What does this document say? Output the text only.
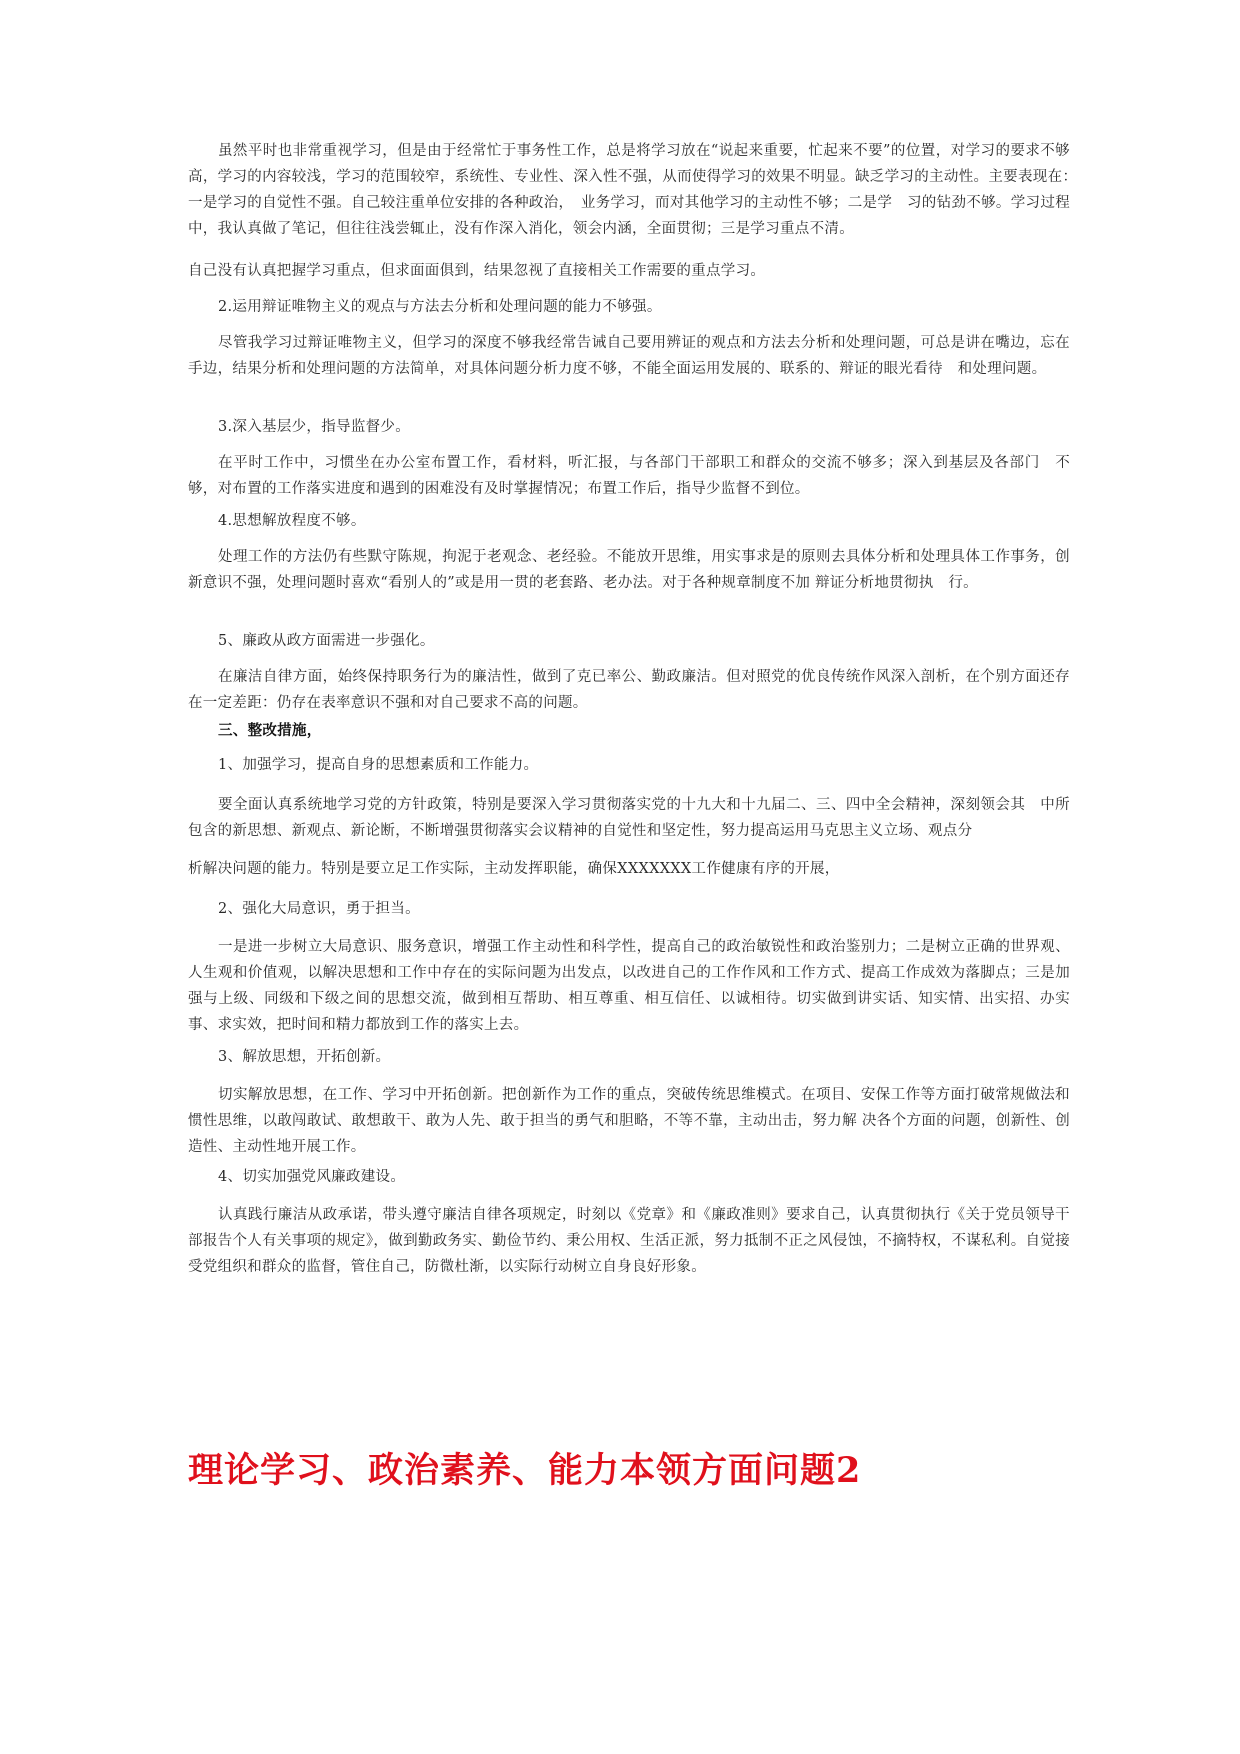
虽然平时也非常重视学习，但是由于经常忙于事务性工作，总是将学习放在“说起来重要，忙起来不要”的位置，对学习的要求不够高，学习的内容较浅，学习的范围较窄，系统性、专业性、深入性不强，从而使得学习的效果不明显。缺乏学习的主动性。主要表现在：　一是学习的自觉性不强。自己较注重单位安排的各种政治，　业务学习，而对其他学习的主动性不够；二是学　习的钻劲不够。学习过程中，我认真做了笔记，但往往浅尝辄止，没有作深入消化，领会内涵，全面贯彻；三是学习重点不清。

自己没有认真把握学习重点，但求面面俱到，结果忽视了直接相关工作需要的重点学习。

2.运用辩证唯物主义的观点与方法去分析和处理问题的能力不够强。

尽管我学习过辩证唯物主义，但学习的深度不够我经常告诫自己要用辨证的观点和方法去分析和处理问题，可总是讲在嘴边，忘在手边，结果分析和处理问题的方法简单，对具体问题分析力度不够，不能全面运用发展的、联系的、辩证的眼光看待　和处理问题。

3.深入基层少，指导监督少。

在平时工作中，习惯坐在办公室布置工作，看材料，听汇报，与各部门干部职工和群众的交流不够多；深入到基层及各部门　不够，对布置的工作落实进度和遇到的困难没有及时掌握情况；布置工作后，指导少监督不到位。

4.思想解放程度不够。

处理工作的方法仍有些默守陈规，拘泥于老观念、老经验。不能放开思维，用实事求是的原则去具体分析和处理具体工作事务，创新意识不强，处理问题时喜欢“看别人的”或是用一贯的老套路、老办法。对于各种规章制度不加 辩证分析地贯彻执　行。

5、廉政从政方面需进一步强化。

在廉洁自律方面，始终保持职务行为的廉洁性，做到了克已率公、勤政廉洁。但对照党的优良传统作风深入剖析，在个别方面还存在一定差距：仍存在表率意识不强和对自己要求不高的问题。

三、整改措施，

1、加强学习，提高自身的思想素质和工作能力。

要全面认真系统地学习党的方针政策，特别是要深入学习贯彻落实党的十九大和十九届二、三、四中全会精神，深刻领会其　中所包含的新思想、新观点、新论断，不断增强贯彻落实会议精神的自觉性和坚定性，努力提高运用马克思主义立场、观点分

析解决问题的能力。特别是要立足工作实际，主动发挥职能，确保XXXXXXX工作健康有序的开展，

2、强化大局意识，勇于担当。

一是进一步树立大局意识、服务意识，增强工作主动性和科学性，提高自己的政治敏锐性和政治鉴别力；二是树立正确的世界观、人生观和价值观，以解决思想和工作中存在的实际问题为出发点，以改进自己的工作作风和工作方式、提高工作成效为落脚点；三是加强与上级、同级和下级之间的思想交流，做到相互帮助、相互尊重、相互信任、以诚相待。切实做到讲实话、知实情、出实招、办实事、求实效，把时间和精力都放到工作的落实上去。

3、解放思想，开拓创新。

切实解放思想，在工作、学习中开拓创新。把创新作为工作的重点，突破传统思维模式。在项目、安保工作等方面打破常规做法和惯性思维，以敢闯敢试、敢想敢干、敢为人先、敢于担当的勇气和胆略，不等不靠，主动出击，努力解 决各个方面的问题，创新性、创造性、主动性地开展工作。

4、切实加强党风廉政建设。

认真践行廉洁从政承诺，带头遵守廉洁自律各项规定，时刻以《党章》和《廉政准则》要求自己，认真贯彻执行《关于党员领导干部报告个人有关事项的规定》，做到勤政务实、勤俭节约、秉公用权、生活正派，努力抵制不正之风侵蚀，不摘特权，不谋私利。自觉接受党组织和群众的监督，管住自己，防微杜渐，以实际行动树立自身良好形象。

理论学习、政治素养、能力本领方面问题2
